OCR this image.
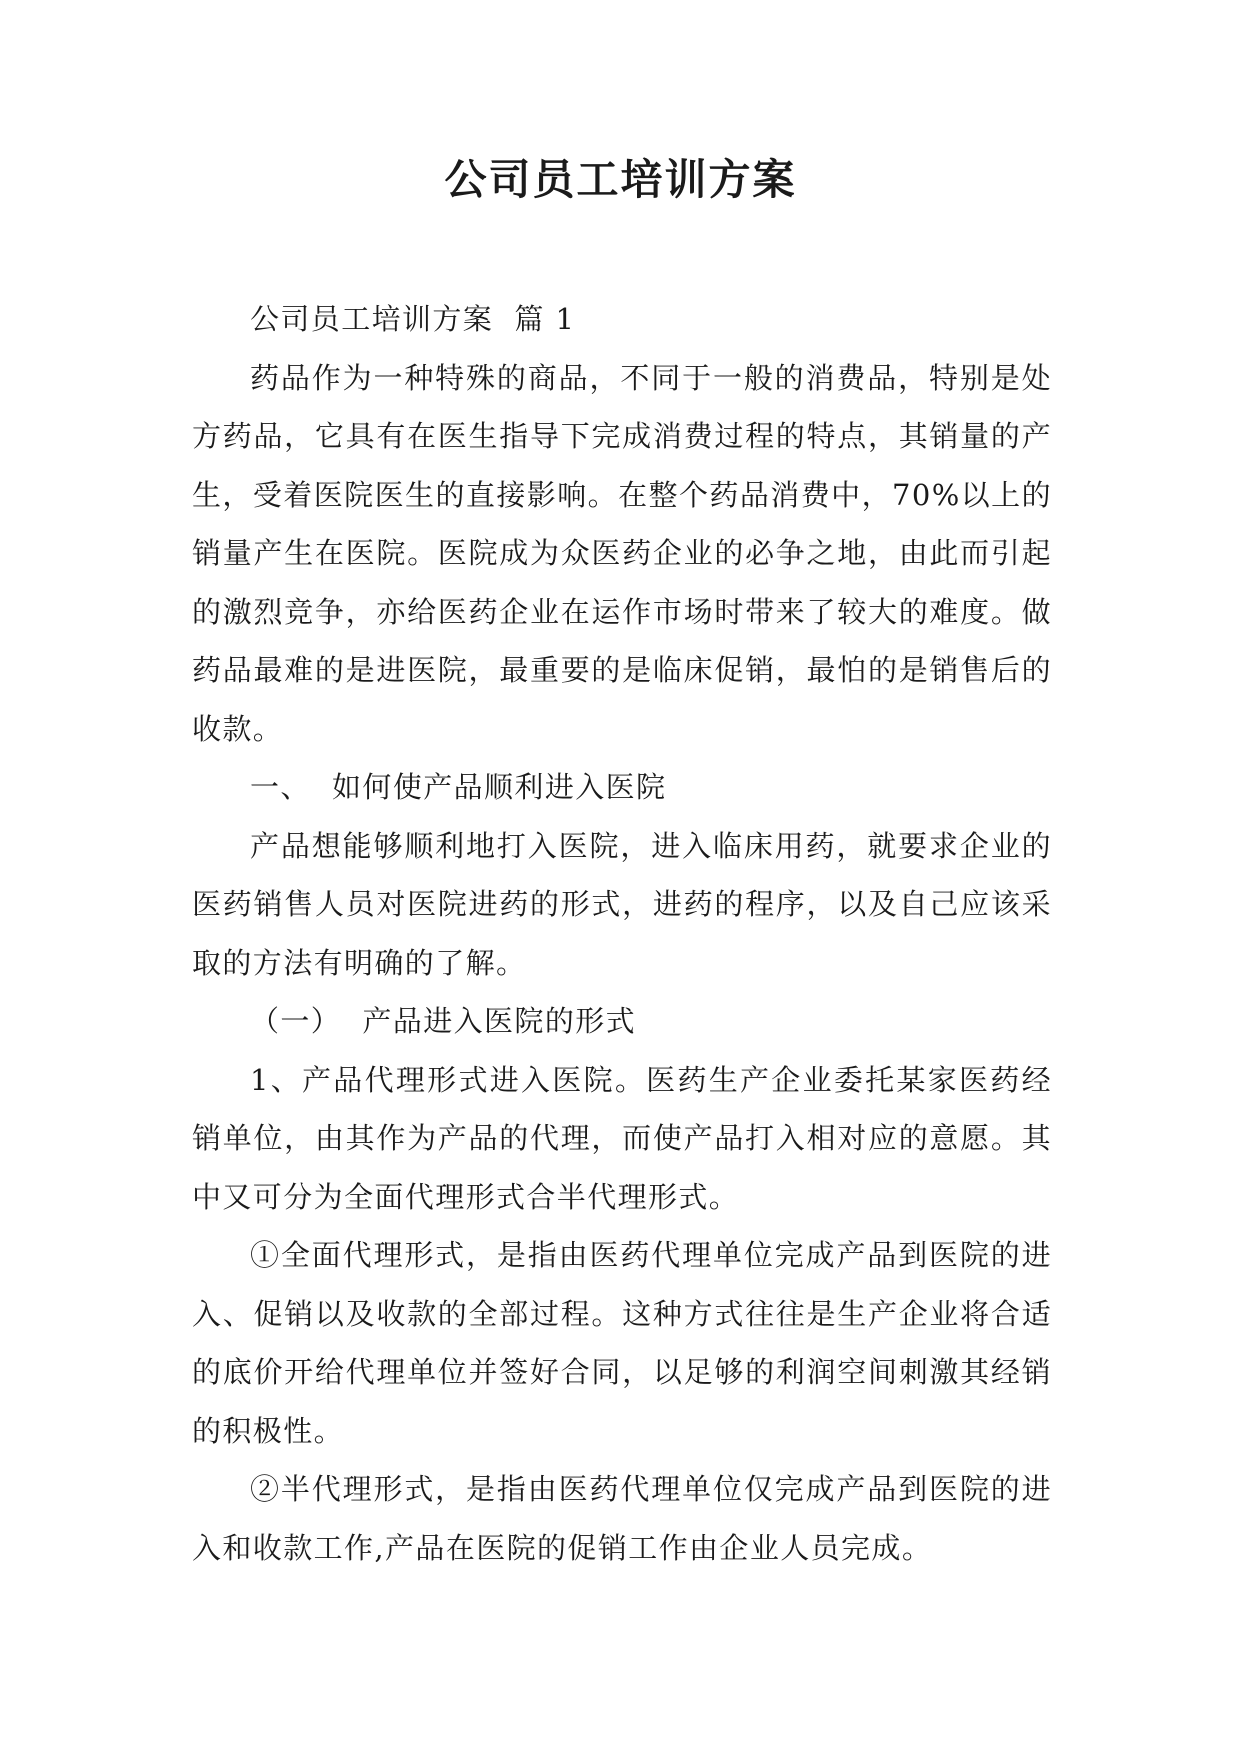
公司员工培训方案

公司员工培训方案  篇 1

药品作为一种特殊的商品，不同于一般的消费品，特别是处方药品，它具有在医生指导下完成消费过程的特点，其销量的产生，受着医院医生的直接影响。在整个药品消费中，70%以上的销量产生在医院。医院成为众医药企业的必争之地，由此而引起的激烈竞争，亦给医药企业在运作市场时带来了较大的难度。做药品最难的是进医院，最重要的是临床促销，最怕的是销售后的收款。

一、  如何使产品顺利进入医院

产品想能够顺利地打入医院，进入临床用药，就要求企业的医药销售人员对医院进药的形式，进药的程序，以及自己应该采取的方法有明确的了解。

（一）  产品进入医院的形式

1、产品代理形式进入医院。医药生产企业委托某家医药经销单位，由其作为产品的代理，而使产品打入相对应的意愿。其中又可分为全面代理形式合半代理形式。

①全面代理形式，是指由医药代理单位完成产品到医院的进入、促销以及收款的全部过程。这种方式往往是生产企业将合适的底价开给代理单位并签好合同，以足够的利润空间刺激其经销的积极性。

②半代理形式，是指由医药代理单位仅完成产品到医院的进入和收款工作,产品在医院的促销工作由企业人员完成。
